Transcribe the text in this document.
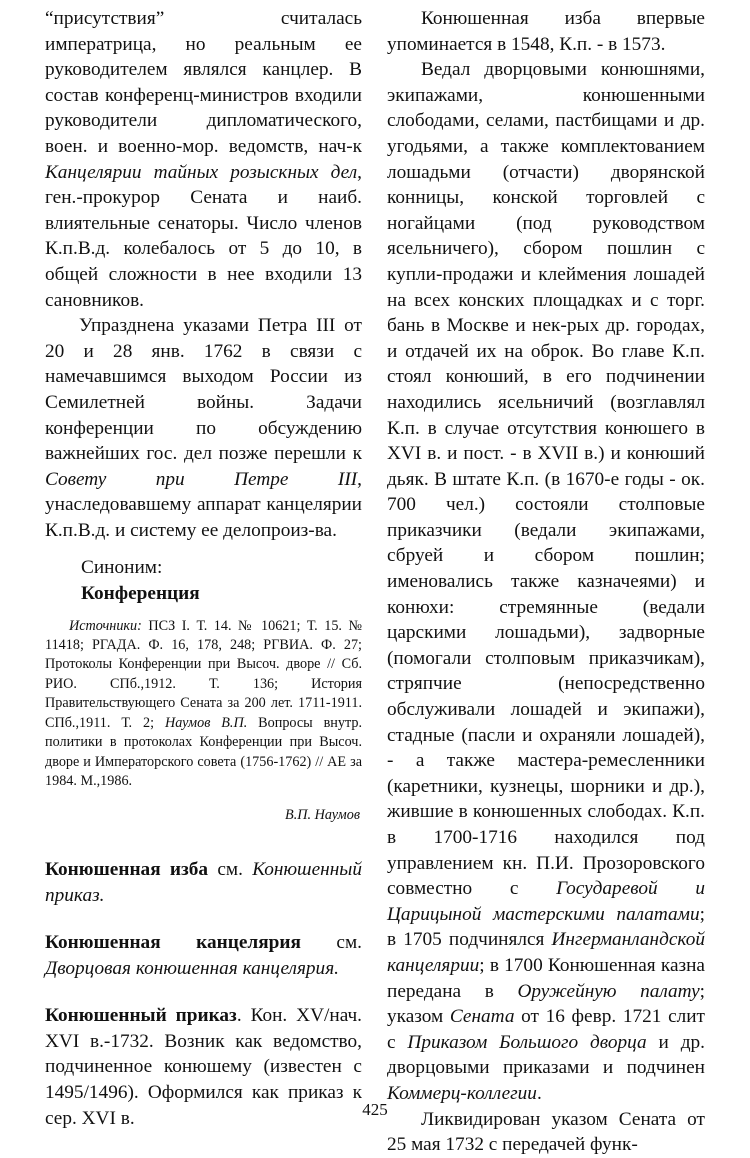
“присутствия” считалась императрица, но реальным ее руководителем являлся канцлер. В состав конференц-министров входили руководители дипломатического, воен. и военно-мор. ведомств, нач-к Канцелярии тайных розыскных дел, ген.-прокурор Сената и наиб. влиятельные сенаторы. Число членов К.п.В.д. колебалось от 5 до 10, в общей сложности в нее входили 13 сановников.

Упразднена указами Петра III от 20 и 28 янв. 1762 в связи с намечавшимся выходом России из Семилетней войны. Задачи конференции по обсуждению важнейших гос. дел позже перешли к Совету при Петре III, унаследовавшему аппарат канцелярии К.п.В.д. и систему ее делопроиз-ва.

Синоним:
Конференция

Источники: ПСЗ I. Т. 14. № 10621; Т. 15. № 11418; РГАДА. Ф. 16, 178, 248; РГВИА. Ф. 27; Протоколы Конференции при Высоч. дворе // Сб. РИО. СПб.,1912. Т. 136; История Правительствующего Сената за 200 лет. 1711-1911. СПб.,1911. Т. 2; Наумов В.П. Вопросы внутр. политики в протоколах Конференции при Высоч. дворе и Императорского совета (1756-1762) // АЕ за 1984. М.,1986.

В.П. Наумов

Конюшенная изба см. Конюшенный приказ.

Конюшенная канцелярия см. Дворцовая конюшенная канцелярия.

Конюшенный приказ. Кон. XV/нач. XVI в.-1732. Возник как ведомство, подчиненное конюшему (известен с 1495/1496). Оформился как приказ к сер. XVI в.

Конюшенная изба впервые упоминается в 1548, К.п. - в 1573.

Ведал дворцовыми конюшнями, экипажами, конюшенными слободами, селами, пастбищами и др. угодьями, а также комплектованием лошадьми (отчасти) дворянской конницы, конской торговлей с ногайцами (под руководством ясельничего), сбором пошлин с купли-продажи и клеймения лошадей на всех конских площадках и с торг. бань в Москве и нек-рых др. городах, и отдачей их на оброк. Во главе К.п. стоял конюший, в его подчинении находились ясельничий (возглавлял К.п. в случае отсутствия конюшего в XVI в. и пост. - в XVII в.) и конюший дьяк. В штате К.п. (в 1670-е годы - ок. 700 чел.) состояли столповые приказчики (ведали экипажами, сбруей и сбором пошлин; именовались также казначеями) и конюхи: стремянные (ведали царскими лошадьми), задворные (помогали столповым приказчикам), стряпчие (непосредственно обслуживали лошадей и экипажи), стадные (пасли и охраняли лошадей), - а также мастера-ремесленники (каретники, кузнецы, шорники и др.), жившие в конюшенных слободах. К.п. в 1700-1716 находился под управлением кн. П.И. Прозоровского совместно с Государевой и Царицыной мастерскими палатами; в 1705 подчинялся Ингерманландской канцелярии; в 1700 Конюшенная казна передана в Оружейную палату; указом Сената от 16 февр. 1721 слит с Приказом Большого дворца и др. дворцовыми приказами и подчинен Коммерц-коллегии.

Ликвидирован указом Сената от 25 мая 1732 с передачей функ-

425
